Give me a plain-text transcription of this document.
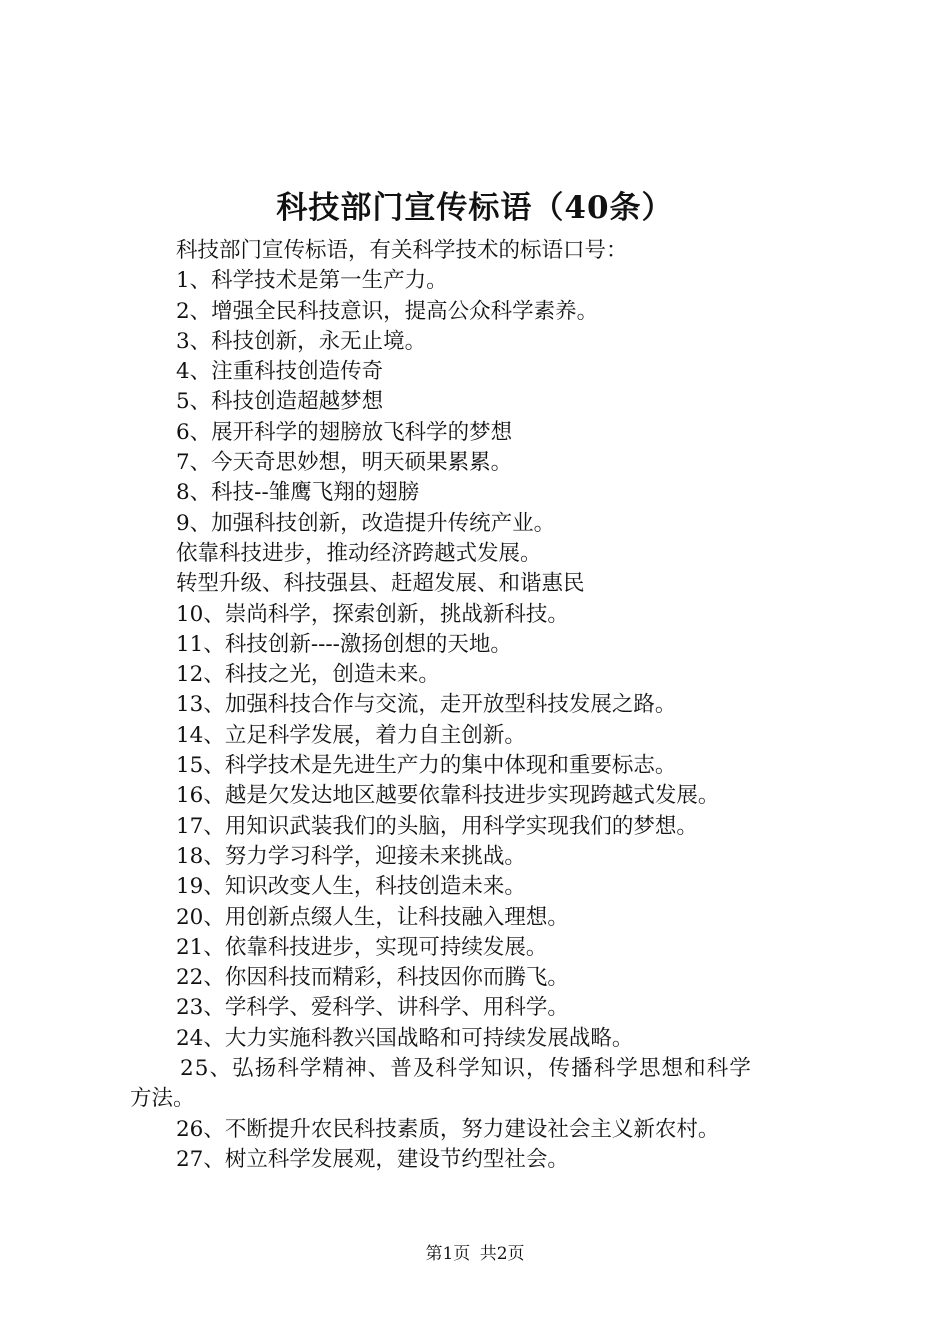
科技部门宣传标语（40条）
科技部门宣传标语，有关科学技术的标语口号：
1、科学技术是第一生产力。
2、增强全民科技意识，提高公众科学素养。
3、科技创新，永无止境。
4、注重科技创造传奇
5、科技创造超越梦想
6、展开科学的翅膀放飞科学的梦想
7、今天奇思妙想，明天硕果累累。
8、科技--雏鹰飞翔的翅膀
9、加强科技创新，改造提升传统产业。
依靠科技进步，推动经济跨越式发展。
转型升级、科技强县、赶超发展、和谐惠民
10、崇尚科学，探索创新，挑战新科技。
11、科技创新----激扬创想的天地。
12、科技之光，创造未来。
13、加强科技合作与交流，走开放型科技发展之路。
14、立足科学发展，着力自主创新。
15、科学技术是先进生产力的集中体现和重要标志。
16、越是欠发达地区越要依靠科技进步实现跨越式发展。
17、用知识武装我们的头脑，用科学实现我们的梦想。
18、努力学习科学，迎接未来挑战。
19、知识改变人生，科技创造未来。
20、用创新点缀人生，让科技融入理想。
21、依靠科技进步，实现可持续发展。
22、你因科技而精彩，科技因你而腾飞。
23、学科学、爱科学、讲科学、用科学。
24、大力实施科教兴国战略和可持续发展战略。
25、弘扬科学精神、普及科学知识，传播科学思想和科学
方法。
26、不断提升农民科技素质，努力建设社会主义新农村。
27、树立科学发展观，建设节约型社会。
第1页 共2页
